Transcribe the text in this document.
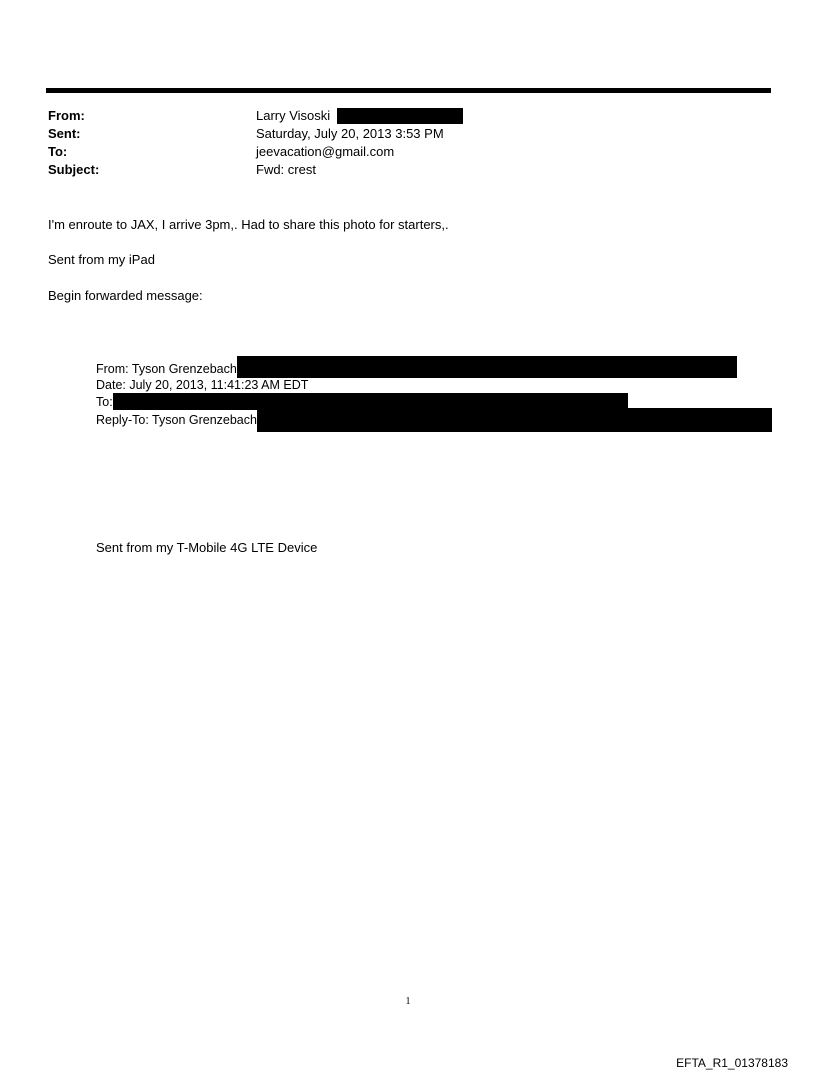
From:	Larry Visoski
Sent:	Saturday, July 20, 2013 3:53 PM
To:	jeevacation@gmail.com
Subject:	Fwd: crest
I'm enroute to JAX, I arrive 3pm,. Had to share this photo for starters,.
Sent from my iPad
Begin forwarded message:
From: Tyson Grenzebach
Date: July 20, 2013, 11:41:23 AM EDT
To:
Reply-To: Tyson Grenzebach
Sent from my T-Mobile 4G LTE Device
1
EFTA_R1_01378183
